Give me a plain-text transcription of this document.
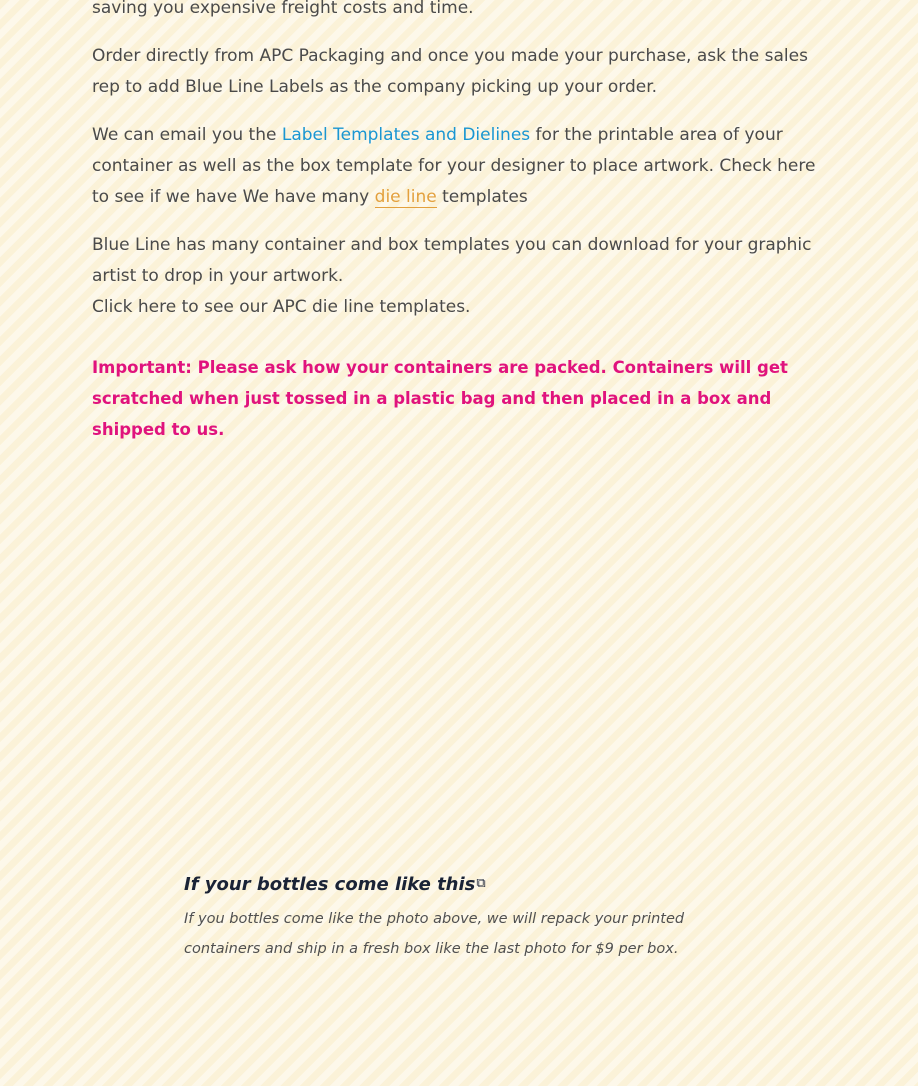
saving you expensive freight costs and time.

Order directly from APC Packaging and once you made your purchase, ask the sales rep to add Blue Line Labels as the company picking up your order.

We can email you the Label Templates and Dielines for the printable area of your container as well as the box template for your designer to place artwork. Check here to see if we have We have many die line templates

Blue Line has many container and box templates you can download for your graphic artist to drop in your artwork.

Click here to see our APC die line templates.

Important: Please ask how your containers are packed. Containers will get scratched when just tossed in a plastic bag and then placed in a box and shipped to us.

If your bottles come like this⧉
If you bottles come like the photo above, we will repack your printed containers and ship in a fresh box like the last photo for $9 per box.
